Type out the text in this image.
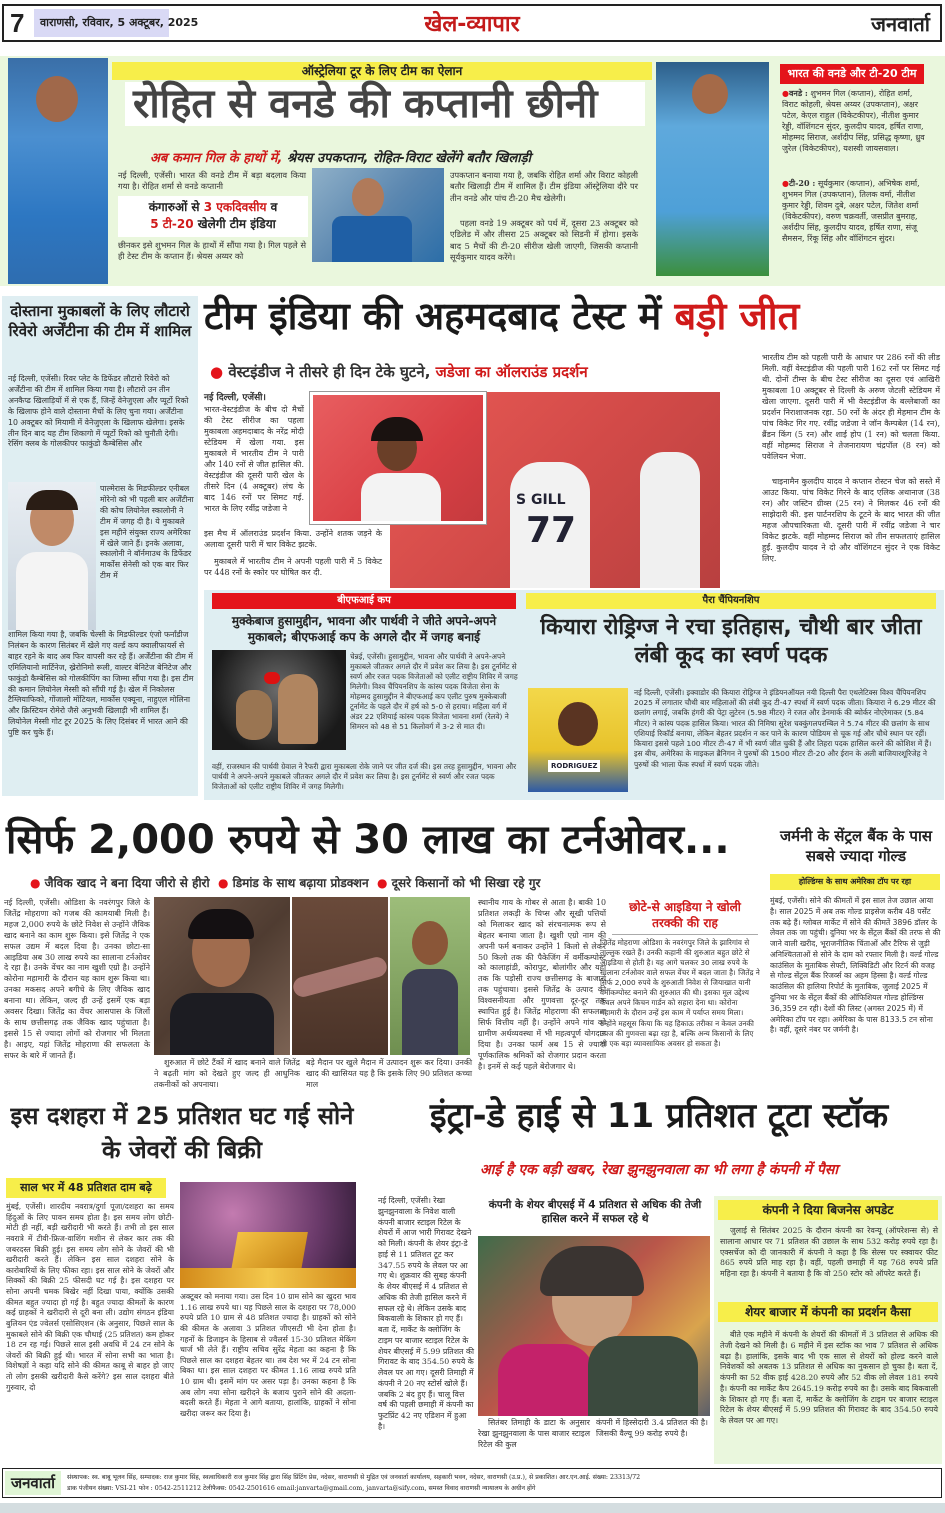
7	वाराणसी, रविवार, 5 अक्टूबर, 2025	खेल-व्यापार	जनवार्ता
ऑस्ट्रेलिया टूर के लिए टीम का ऐलान
रोहित से वनडे की कप्तानी छीनी
अब कमान गिल के हाथों में, श्रेयस उपकप्तान, रोहित-विराट खेलेंगे बतौर खिलाड़ी
नई दिल्ली, एजेंसी। भारत की वनडे टीम में बड़ा बदलाव किया गया है। रोहित शर्मा से वनडे कप्तानी
कंगारुओं से 3 एकदिवसीय व
5 टी-20 खेलेगी टीम इंडिया
छीनकर इसे शुभमन गिल के हाथों में सौंपा गया है। गिल पहले से ही टेस्ट टीम के कप्तान हैं। श्रेयस अय्यर को
उपकप्तान बनाया गया है, जबकि रोहित शर्मा और विराट कोहली बतौर खिलाड़ी टीम में शामिल हैं। टीम इंडिया ऑस्ट्रेलिया दौरे पर तीन वनडे और पांच टी-20 मैच खेलेगी।
पहला वनडे 19 अक्टूबर को पर्थ में, दूसरा 23 अक्टूबर को एडिलेड में और तीसरा 25 अक्टूबर को सिडनी में होगा। इसके बाद 5 मैचों की टी-20 सीरीज खेली जाएगी, जिसकी कप्तानी सूर्यकुमार यादव करेंगे।
भारत की वनडे और टी-20 टीम
●वनडे : शुभमन गिल (कप्तान), रोहित शर्मा, विराट कोहली, श्रेयस अय्यर (उपकप्तान), अक्षर पटेल, केएल राहुल (विकेटकीपर), नीतीश कुमार रेड्डी, वॉशिंगटन सुंदर, कुलदीप यादव, हर्षित राणा, मोहम्मद सिराज, अर्शदीप सिंह, प्रसिद्ध कृष्णा, ध्रुव जुरेल (विकेटकीपर), यशस्वी जायसवाल।
●टी-20 : सूर्यकुमार (कप्तान), अभिषेक शर्मा, शुभमन गिल (उपकप्तान), तिलक वर्मा, नीतीश कुमार रेड्डी, शिवम दुबे, अक्षर पटेल, जितेश शर्मा (विकेटकीपर), वरुण चक्रवर्ती, जसप्रीत बुमराह, अर्शदीप सिंह, कुलदीप यादव, हर्षित राणा, संजू सैमसन, रिंकू सिंह और वॉशिंगटन सुंदर।
दोस्ताना मुकाबलों के लिए लौटारो रिवेरो अर्जेंटीना की टीम में शामिल
नई दिल्ली, एजेंसी। रिवर प्लेट के डिफेंडर लौटारो रिवेरो को अर्जेंटीना की टीम में शामिल किया गया है। लौटारो उन तीन अनकैप्ड खिलाड़ियों में से एक हैं, जिन्हें वेनेजुएला और प्यूर्टो रिको के खिलाफ होने वाले दोस्ताना मैचों के लिए चुना गया। अर्जेंटीना 10 अक्टूबर को मियामी में वेनेजुएला के खिलाफ खेलेगा। इसके तीन दिन बाद यह टीम शिकागो में प्यूर्टो रिको को चुनौती देगी। रेसिंग क्लब के गोलकीपर फाकुंडो कैम्बेसिस और
पाल्मेरास के मिडफील्डर एनीबल मोरेनो को भी पहली बार अर्जेंटीना की कोच लियोनेल स्कालोनी ने टीम में जगह दी है। ये मुकाबले इस महीने संयुक्त राज्य अमेरिका में खेले जाने हैं। इनके अलावा, स्कालोनी ने बॉर्नमाउथ के डिफेंडर मार्कोस सेनेसी को एक बार फिर टीम में
शामिल किया गया है, जबकि चेल्सी के मिडफील्डर एंजो फर्नांडीज निलंबन के कारण सितंबर में खेले गए वर्ल्ड कप क्वालीफायर्स से बाहर रहने के बाद अब फिर वापसी कर रहे हैं। अर्जेंटीना की टीम में एमिलियानो मार्टिनेज, ख्रेरोनिमो रूली, वाल्टर बेनिटेज बेनिटेज और फाकुंडो कैम्बेसिस को गोलकीपिंग का जिम्मा सौंपा गया है। इस टीम की कमान लियोनेल मेस्सी को सौंपी गई है। खेल में निकोलस टैग्लियाफिको, गोंजालो मोंटियल, मार्कोस एक्यूना, नाहुएल मोलिना और क्रिस्टियन रोमेरो जैसे अनुभवी खिलाड़ी भी शामिल हैं। लियोनेल मेस्सी गोट टूर 2025 के लिए दिसंबर में भारत आने की पुष्टि कर चुके हैं।
टीम इंडिया की अहमदबाद टेस्ट में बड़ी जीत
● वेस्टइंडीज ने तीसरे ही दिन टेके घुटने, जडेजा का ऑलराउंड प्रदर्शन
नई दिल्ली, एजेंसी।
भारत-वेस्टइंडीज के बीच दो मैचों की टेस्ट सीरीज का पहला मुकाबला अहमदाबाद के नरेंद्र मोदी स्टेडियम में खेला गया. इस मुकाबले में भारतीय टीम ने पारी और 140 रनों से जीत हासिल की. वेस्टइंडीज की दूसरी पारी खेल के तीसरे दिन (4 अक्टूबर) लंच के बाद 146 रनों पर सिमट गई. भारत के लिए रवींद्र जडेजा ने
इस मैच में ऑलराउंड प्रदर्शन किया. उन्होंने शतक जड़ने के अलावा दूसरी पारी में चार विकेट झटके.
मुकाबले में भारतीय टीम ने अपनी पहली पारी में 5 विकेट पर 448 रनों के स्कोर पर घोषित कर दी.
S GILL
77
भारतीय टीम को पहली पारी के आधार पर 286 रनों की लीड मिली. वहीं वेस्टइंडीज की पहली पारी 162 रनों पर सिमट गई थी. दोनों टीम्स के बीच टेस्ट सीरीज का दूसरा एवं आखिरी मुकाबला 10 अक्टूबर से दिल्ली के अरुण जेटली स्टेडियम में खेला जाएगा. दूसरी पारी में भी वेस्टइंडीज के बल्लेबाजों का प्रदर्शन निराशाजनक रहा. 50 रनों के अंदर ही मेहमान टीम के पांच विकेट गिर गए. रवींद्र जडेजा ने जॉन कैम्पबेल (14 रन), ब्रैंडन किंग (5 रन) और शाई होप (1 रन) को चलता किया. वहीं मोहम्मद सिराज ने तेजनारायण चंद्रपॉल (8 रन) को पवेलियन भेजा.
चाइनामैन कुलदीप यादव ने कप्तान रोस्टन चेज को सस्ते में आउट किया. पांच विकेट गिरने के बाद एलिक अथानाज (38 रन) और जस्टिन ग्रीव्स (25 रन) ने मिलकर 46 रनों की साझेदारी की. इस पार्टनरशिप के टूटने के बाद भारत की जीत महज औपचारिकता थी. दूसरी पारी में रवींद्र जडेजा ने चार विकेट झटके. वहीं मोहम्मद सिराज को तीन सफलताएं हासिल हुईं. कुलदीप यादव ने दो और वॉशिंगटन सुंदर ने एक विकेट लिए.
बीएफआई कप
मुक्केबाज हुसामुद्दीन, भावना और पार्थवी ने जीते अपने-अपने मुकाबले; बीएफआई कप के अगले दौर में जगह बनाई
चेन्नई, एजेंसी। हुसामुद्दीन, भावना और पार्थवी ने अपने-अपने मुकाबले जीतकर अगले दौर में प्रवेश कर लिया है। इस टूर्नामेंट से स्वर्ण और रजत पदक विजेताओं को एलीट राष्ट्रीय शिविर में जगह मिलेगी। विश्व चैंपियनशिप के कांस्य पदक विजेता सेना के मोहम्मद हुसामुद्दीन ने बीएफआई कप एलीट पुरुष मुक्केबाजी टूर्नामेंट के पहले दौर में हर्ष को 5-0 से हराया। महिला वर्ग में अंडर 22 एशियाई कांस्य पदक विजेता भावना शर्मा (रेलवे) ने सिमरन को 48 से 51 किलोवर्ग में 3-2 से मात दी।
वहीं, राजस्थान की पार्थवी ग्रेवाल ने रैफरी द्वारा मुकाबला रोके जाने पर जीत दर्ज की। इस तरह हुसामुद्दीन, भावना और पार्थवी ने अपने-अपने मुकाबले जीतकर अगले दौर में प्रवेश कर लिया है। इस टूर्नामेंट से स्वर्ण और रजत पदक विजेताओं को एलीट राष्ट्रीय शिविर में जगह मिलेगी।
पैरा चैंपियनशिप
कियारा रोड्रिग्ज ने रचा इतिहास, चौथी बार जीता लंबी कूद का स्वर्ण पदक
RODRIGUEZ
नई दिल्ली, एजेंसी। इक्वाडोर की कियारा रोड्रिग्ज ने इंडियनऑयल नयी दिल्ली पैरा एथलेटिक्स विश्व चैंपियनशिप 2025 में लगातार चौथी बार महिलाओं की लंबी कूद टी-47 स्पर्धा में स्वर्ण पदक जीता। कियारा ने 6.29 मीटर की छलांग लगाई, जबकि हंगरी की पेट्रा लुटेरन (5.98 मीटर) ने रजत और डेनमार्क की ब्योर्कर नोएरेमाकर (5.84 मीटर) ने कांस्य पदक हासिल किया। भारत की निमिषा सुरेश चक्कुंगलपरम्बिल ने 5.74 मीटर की छलांग के साथ एशियाई रिकॉर्ड बनाया, लेकिन बेहतर प्रदर्शन न कर पाने के कारण पोडियम से चूक गई और चौथे स्थान पर रहीं। कियारा इससे पहले 100 मीटर टी-47 में भी स्वर्ण जीत चुकी हैं और तिहरा पदक हासिल करने की कोशिश में हैं। इस बीच, अमेरिका के माइकल ब्रैनिगन ने पुरुषों की 1500 मीटर टी-20 और ईरान के अली बाजियारशूरिजेह ने पुरुषों की भाला फेंक स्पर्धा में स्वर्ण पदक जीते।
सिर्फ 2,000 रुपये से 30 लाख का टर्नओवर...
● जैविक खाद ने बना दिया जीरो से हीरो ● डिमांड के साथ बढ़ाया प्रोडक्शन ● दूसरे किसानों को भी सिखा रहे गुर
नई दिल्ली, एजेंसी। ओडिशा के नवरंगपुर जिले के जितेंद्र मोहराणा को गजब की कामयाबी मिली है। महज 2,000 रुपये के छोटे निवेश से उन्होंने जैविक खाद बनाने का काम शुरू किया। इसे जितेंद्र ने एक सफल उद्यम में बदल दिया है। उनका छोटा-सा आइडिया अब 30 लाख रुपये का सालाना टर्नओवर दे रहा है। उनके वेंचर का नाम खुशी एग्रो है। उन्होंने कोरोना महामारी के दौरान यह काम शुरू किया था। उनका मकसद अपने बगीचे के लिए जैविक खाद बनाना था। लेकिन, जल्द ही उन्हें इसमें एक बड़ा अवसर दिखा। जितेंद्र का वेंचर आसपास के जिलों के साथ छत्तीसगढ़ तक जैविक खाद पहुंचाता है। इससे 15 से ज्यादा लोगों को रोजगार भी मिलता है। आइए, यहां जितेंद्र मोहराणा की सफलता के सफर के बारे में जानते हैं।
शुरुआत में छोटे टैंकों में खाद बनाने वाले जितेंद्र ने बढ़ती मांग को देखते हुए जल्द ही आधुनिक तकनीकों को अपनाया।
बड़े मैदान पर खुले मैदान में उत्पादन शुरू कर दिया। उनकी खाद की खासियत यह है कि इसके लिए 90 प्रतिशत कच्चा माल
स्थानीय गाय के गोबर से आता है। बाकी 10 प्रतिशत लकड़ी के चिप्स और सूखी पत्तियों को मिलाकर खाद को संरचनात्मक रूप से बेहतर बनाया जाता है। खुशी एग्रो नाम की अपनी फर्म बनाकर उन्होंने 1 किलो से लेकर 50 किलो तक की पैकेजिंग में वर्मीकम्पोस्ट को कालाहांडी, कोरापुट, बोलांगीर और यहां तक कि पड़ोसी राज्य छत्तीसगढ़ के बाजारों तक पहुंचाया। इससे जितेंद्र के उत्पाद की विश्वसनीयता और गुणवत्ता दूर-दूर तक स्थापित हुई है। जितेंद्र मोहराणा की सफलता सिर्फ वित्तीय नहीं है। उन्होंने अपने गांव को ग्रामीण अर्थव्यवस्था में भी महत्वपूर्ण योगदान दिया है। उनका फार्म अब 15 से ज्यादा पूर्णकालिक श्रमिकों को रोजगार प्रदान करता है। इनमें से कई पहले बेरोजगार थे।
छोटे-से आइडिया ने खोली तरक्की की राह
जितेंद्र मोहराणा ओडिशा के नवरंगपुर जिले के झारिगांव से ताल्लुक रखते हैं। उनकी कहानी की शुरुआत बहुत छोटे से आइडिया से होती है। यह आगे चलकर 30 लाख रुपये के सालाना टर्नओवर वाले सफल वेंचर में बदल जाता है। जितेंद्र ने सिर्फ 2,000 रुपये के शुरुआती निवेश से जियाखात यानी वर्मीकम्पोस्ट बनाने की शुरुआत की थी। इसका मूल उद्देश्य केवल अपने किचन गार्डन को सहारा देना था। कोरोना महामारी के दौरान उन्हें इस काम में पर्याप्त समय मिला। उन्होंने महसूस किया कि यह हिकाऊ तरीका न केवल उनकी उपज की गुणवत्ता बढ़ा रहा है, बल्कि अन्य किसानों के लिए भी एक बड़ा व्यावसायिक अवसर हो सकता है।
जर्मनी के सेंट्रल बैंक के पास सबसे ज्यादा गोल्ड
होल्डिंग्स के साथ अमेरिका टॉप पर रहा
मुंबई, एजेंसी। सोने की कीमतों में इस साल तेज उछाल आया है। साल 2025 में अब तक गोल्ड प्राइसेज करीब 48 पर्सेंट तक बढ़े हैं। ग्लोबल मार्केट में सोने की कीमतें 3896 डॉलर के लेवल तक जा पहुंची। दुनिया भर के सेंट्रल बैंकों की तरफ से की जाने वाली खरीद, भूराजनीतिक चिंताओं और टैरिफ से जुड़ी अनिश्चितताओं से सोने के दाम को रफ्तार मिली है। वर्ल्ड गोल्ड काउंसिल के मुताबिक सेफ्टी, लिक्विडिटी और रिटर्न की वजह से गोल्ड सेंट्रल बैंक रिजर्व्स का अहम हिस्सा है। वर्ल्ड गोल्ड काउंसिल की हालिया रिपोर्ट के मुताबिक, जुलाई 2025 में दुनिया भर के सेंट्रल बैंकों की ऑफिशियल गोल्ड होल्डिंग्स 36,359 टन रही। देशों की लिस्ट (अगस्त 2025 में) में अमेरिका टॉप पर रहा। अमेरिका के पास 8133.5 टन सोना है। वहीं, दूसरे नंबर पर जर्मनी है।
इस दशहरा में 25 प्रतिशत घट गई सोने के जेवरों की बिक्री
साल भर में 48 प्रतिशत दाम बढ़े
मुंबई, एजेंसी। शारदीय नवरात्र/दुर्गा पूजा/दशहरा का समय हिंदुओं के लिए पावन समय होता है। इस समय लोग छोटी-मोटी ही नहीं, बड़ी खरीदारी भी करते हैं। तभी तो इस साल नवरात्रे में टीवी-फ्रिज-वाशिंग मशीन से लेकर कार तक की जबरदस्त बिक्री हुई। इस समय लोग सोने के जेवरों की भी खरीदारी करते हैं। लेकिन इस साल दशहरा सोने के कारोबारियों के लिए फीका रहा। इस साल सोने के जेवरों और सिक्कों की बिक्री 25 फीसदी घट गई है। इस दशहरा पर सोना अपनी चमक बिखेर नहीं दिखा पाया, क्योंकि उसकी कीमत बहुत ज्यादा हो गई है। बहुत ज्यादा कीमतों के कारण कई ग्राहकों ने खरीदारी से दूरी बना ली। उद्योग संगठन इंडिया बुलियन एंड ज्वेलर्स एसोसिएशन (के अनुसार, पिछले साल के मुकाबले सोने की बिक्री एक चौथाई (25 प्रतिशत) कम होकर 18 टन रह गई। पिछले साल इसी अवधि में 24 टन सोने के जेवरों की बिक्री हुई थी। भारत में सोना सभी का भाता है। विशेषज्ञों ने कहा यदि सोने की कीमत काबू से बाहर हो जाए तो लोग इसकी खरीदारी कैसे करेंगे? इस साल दशहरा बीते गुरुवार, दो
अक्टूबर को मनाया गया। उस दिन 10 ग्राम सोने का खुदरा भाव 1.16 लाख रुपये था। यह पिछले साल के दशहरा पर 78,000 रुपये प्रति 10 ग्राम से 48 प्रतिशत ज्यादा है। ग्राहकों को सोने की कीमत के अलावा 3 प्रतिशत जीएसटी भी देना होता है। गहनों के डिजाइन के हिसाब से ज्वैलर्स 15-30 प्रतिशत मेकिंग चार्ज भी लेते हैं। राष्ट्रीय सचिव सुरेंद्र मेहता का कहना है कि पिछले साल का दशहरा बेहतर था। तब देश भर में 24 टन सोना बिका था। इस साल दशहरा पर कीमत 1.16 लाख रुपये प्रति 10 ग्राम थी। इसमें मांग पर असर पड़ा है। उनका कहना है कि अब लोग नया सोना खरीदने के बजाय पुराने सोने की अदला-बदली करते हैं। मेहता ने आगे बताया, हालांकि, ग्राहकों ने सोना खरीदा जरूर कर दिया है।
इंट्रा-डे हाई से 11 प्रतिशत टूटा स्टॉक
आई है एक बड़ी खबर, रेखा झुनझुनवाला का भी लगा है कंपनी में पैसा
नई दिल्ली, एजेंसी। रेखा झुनझुनवाला के निवेश वाली कंपनी बाजार स्टाइल रिटेल के शेयरों में आज भारी गिरावट देखने को मिली। कंपनी के शेयर इंट्रा-डे हाई से 11 प्रतिशत टूट कर 347.55 रुपये के लेवल पर आ गए थे। शुक्रवार की सुबह कंपनी के शेयर बीएसई में 4 प्रतिशत से अधिक की तेजी हासिल करने में सफल रहे थे। लेकिन उसके बाद बिकवाली के शिकार हो गए हैं। बता दें, मार्केट के क्लोजिंग के टाइम पर बाजार स्टाइल रिटेल के शेयर बीएसई में 5.99 प्रतिशत की गिरावट के बाद 354.50 रुपये के लेवल पर आ गए। दूसरी तिमाही में कंपनी ने 20 नए स्टोर्स खोले हैं। जबकि 2 बंद हुए हैं। चालू वित्त वर्ष की पहली छमाही में कंपनी का फुटप्रिंट 42 नए एडिशन में हुआ है।
कंपनी के शेयर बीएसई में 4 प्रतिशत से अधिक की तेजी हासिल करने में सफल रहे थे
सितंबर तिमाही के डाटा के अनुसार रेखा झुनझुनवाला के पास बाजार स्टाइल रिटेल की कुल
कंपनी में हिस्सेदारी 3.4 प्रतिशत की है। जिसकी वैल्यू 99 करोड़ रुपये है।
कंपनी ने दिया बिजनेस अपडेट
जुलाई से सितंबर 2025 के दौरान कंपनी का रेवन्यू (ऑपरेशन्स से) से सालाना आधार पर 71 प्रतिशत की उछाल के साथ 532 करोड़ रुपये रहा है। एक्सचेंज को दी जानकारी में कंपनी ने कहा है कि सेल्स पर स्क्वायर फीट 865 रुपये प्रति माह रहा है। वहीं, पहली छमाही में यह 768 रुपये प्रति महिना रहा है। कंपनी ने बताया है कि वो 250 स्टोर को ऑपरेट करते हैं।
शेयर बाजार में कंपनी का प्रदर्शन कैसा
बीते एक महीने में कंपनी के शेयरों की कीमतों में 3 प्रतिशत से अधिक की तेजी देखने को मिली है। 6 महीने में इस स्टॉक का भाव 7 प्रतिशत से अधिक बढ़ा है। हालांकि, इसके बाद भी एक साल से शेयरों को होल्ड करने वाले निवेशकों को अबतक 13 प्रतिशत से अधिक का नुकसान हो चुका है। बता दें, कंपनी का 52 वीक हाई 428.20 रुपये और 52 वीक लो लेवल 181 रुपये है। कंपनी का मार्केट कैप 2645.19 करोड़ रुपये का है। उसके बाद बिकवाली के शिकार हो गए हैं। बता दें, मार्केट के क्लोजिंग के टाइम पर बाजार स्टाइल रिटेल के शेयर बीएसई में 5.99 प्रतिशत की गिरावट के बाद 354.50 रुपये के लेवल पर आ गए।
जनवार्ता	संस्थापक: स्व. बाबू भूलन सिंह, सम्पादक: राज कुमार सिंह, स्वत्वाधिकारी राज कुमार सिंह द्वारा सिंह प्रिंटिंग प्रेस, नदेसर, वाराणसी से मुद्रित एवं जनवार्ता कार्यालय, सहकारी भवन, नदेसर, वाराणसी (उ.प्र.), से प्रकाशित। आर.एन.आई. संख्या: 23313/72
डाक पंजीयन संख्या: VSI-21 फोन : 0542-2511212 टेलीफैक्स: 0542-2501616 email:janvarta@gmail.com, janvarta@sify.com, समस्त विवाद वाराणसी न्यायालय के अधीन होंगे
